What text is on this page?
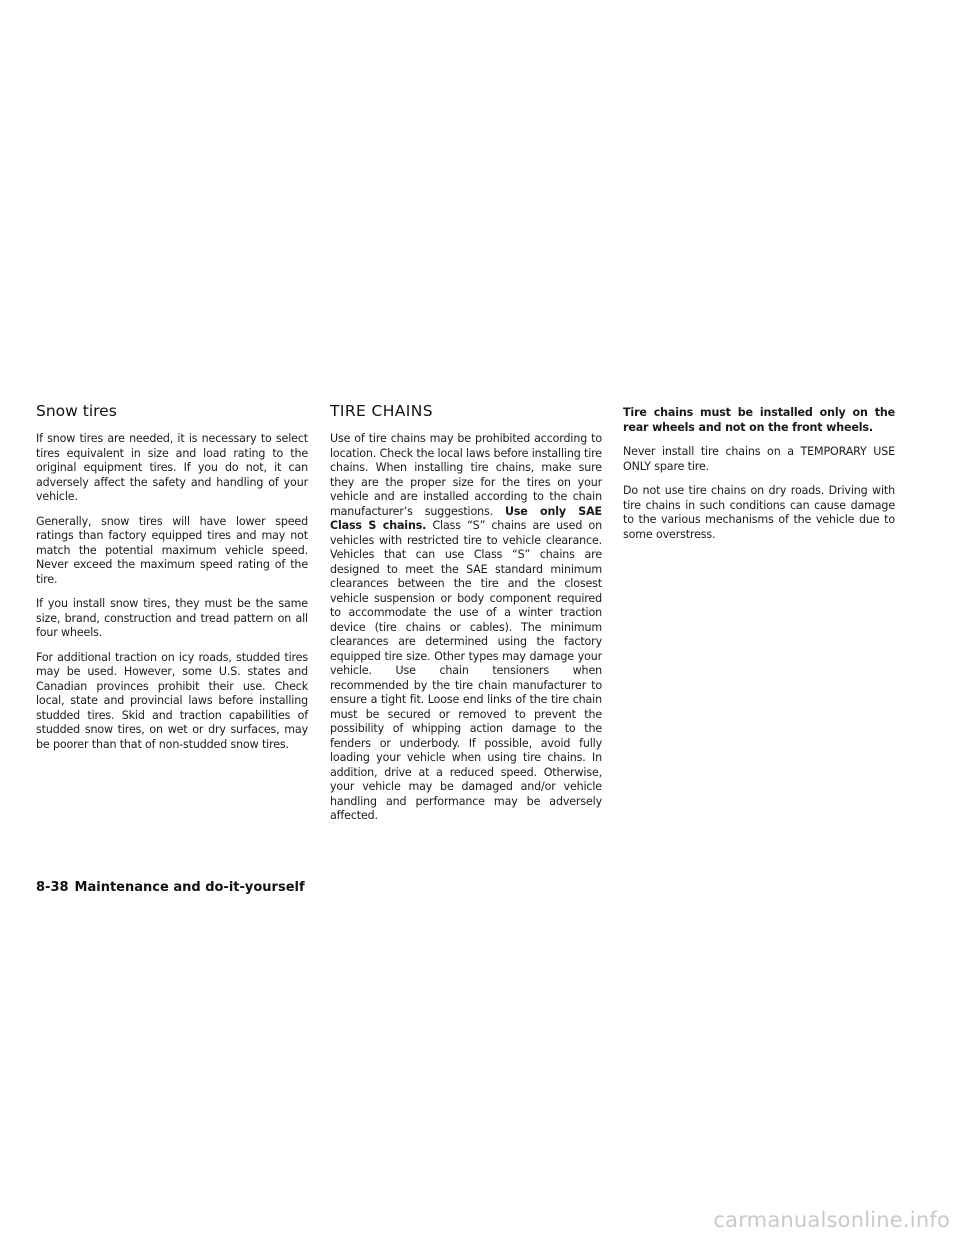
Snow tires

If snow tires are needed, it is necessary to select tires equivalent in size and load rating to the original equipment tires. If you do not, it can adversely affect the safety and handling of your vehicle.

Generally, snow tires will have lower speed ratings than factory equipped tires and may not match the potential maximum vehicle speed. Never exceed the maximum speed rating of the tire.

If you install snow tires, they must be the same size, brand, construction and tread pattern on all four wheels.

For additional traction on icy roads, studded tires may be used. However, some U.S. states and Canadian provinces prohibit their use. Check local, state and provincial laws before installing studded tires. Skid and traction capabilities of studded snow tires, on wet or dry surfaces, may be poorer than that of non-studded snow tires.

TIRE CHAINS

Use of tire chains may be prohibited according to location. Check the local laws before installing tire chains. When installing tire chains, make sure they are the proper size for the tires on your vehicle and are installed according to the chain manufacturer’s suggestions. Use only SAE Class S chains. Class “S” chains are used on vehicles with restricted tire to vehicle clearance. Vehicles that can use Class “S” chains are designed to meet the SAE standard minimum clearances between the tire and the closest vehicle suspension or body component required to accommodate the use of a winter traction device (tire chains or cables). The minimum clearances are determined using the factory equipped tire size. Other types may damage your vehicle. Use chain tensioners when recommended by the tire chain manufacturer to ensure a tight fit. Loose end links of the tire chain must be secured or removed to prevent the possibility of whipping action damage to the fenders or underbody. If possible, avoid fully loading your vehicle when using tire chains. In addition, drive at a reduced speed. Otherwise, your vehicle may be damaged and/or vehicle handling and performance may be adversely affected.

Tire chains must be installed only on the rear wheels and not on the front wheels.

Never install tire chains on a TEMPORARY USE ONLY spare tire.

Do not use tire chains on dry roads. Driving with tire chains in such conditions can cause damage to the various mechanisms of the vehicle due to some overstress.

8-38 Maintenance and do-it-yourself
carmanualsonline.info
